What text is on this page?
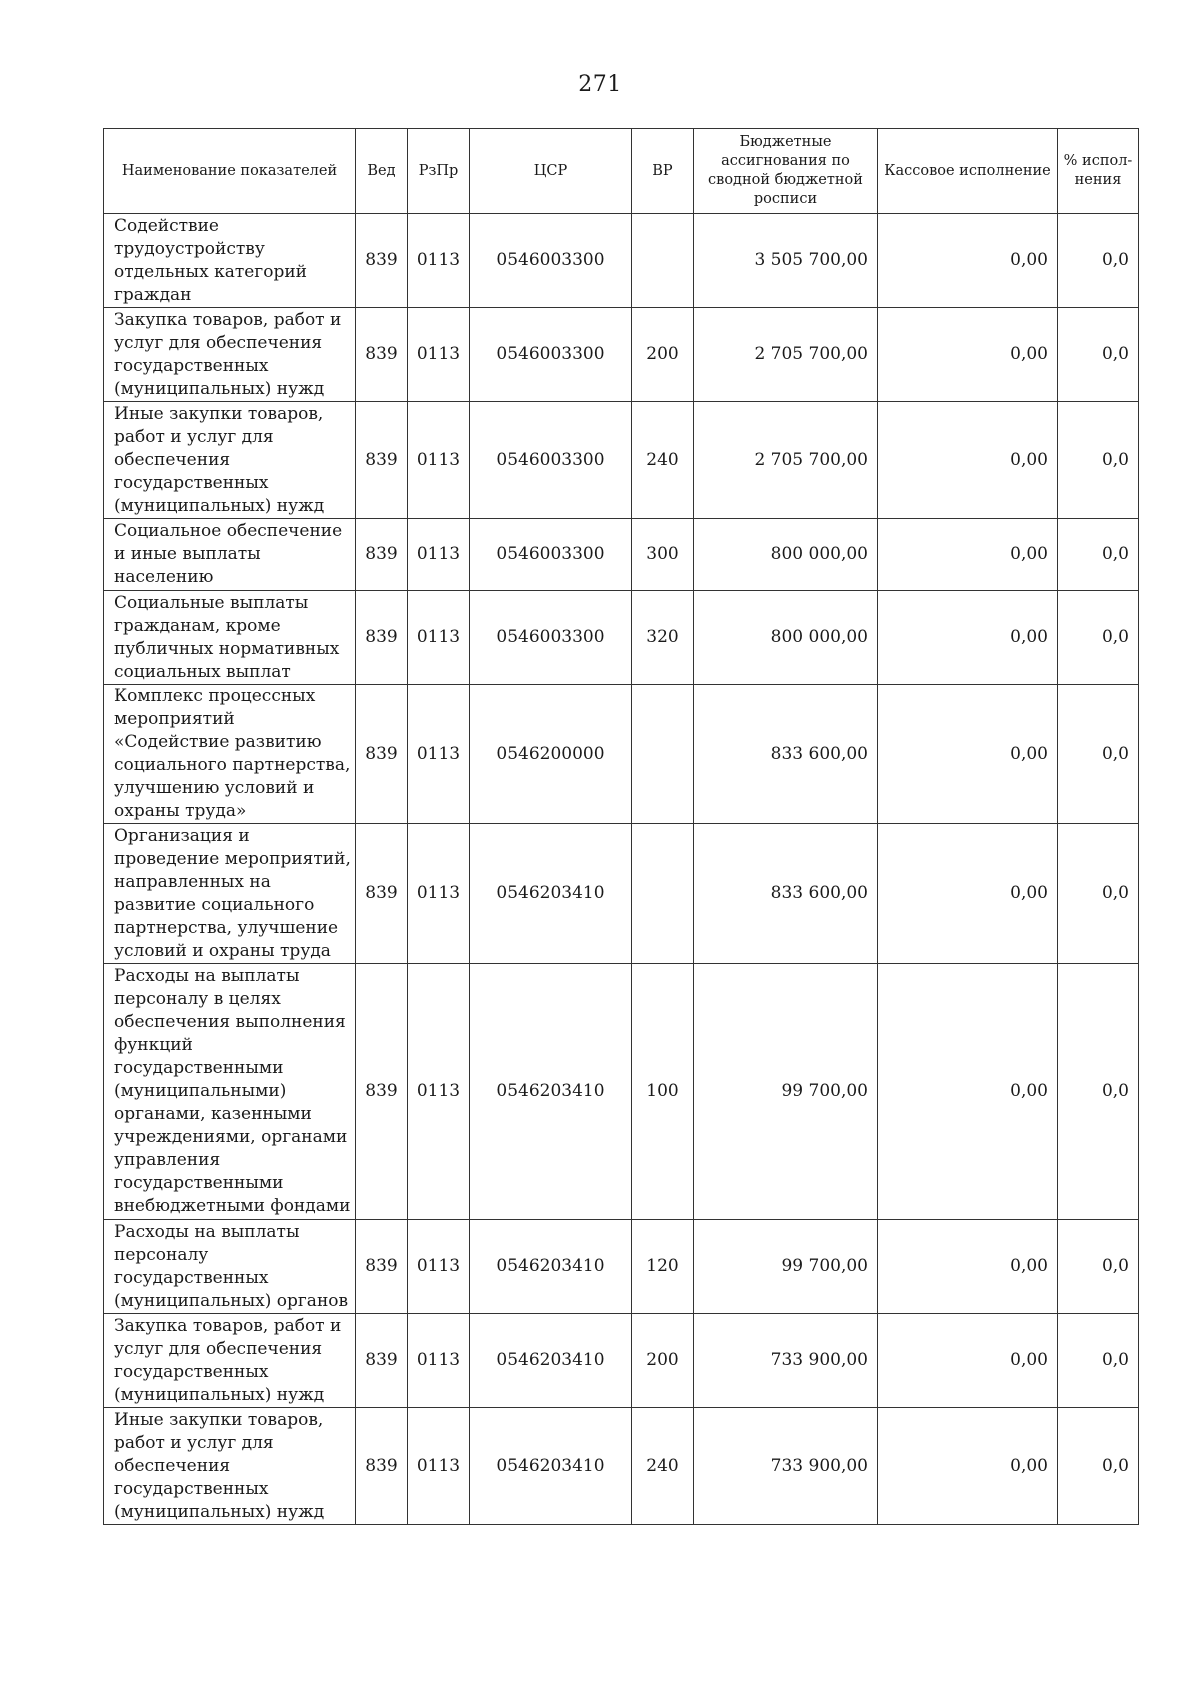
271
Наименование показателей	Вед	РзПр	ЦСР	ВР	Бюджетные ассигнования по сводной бюджетной росписи	Кассовое исполнение	% испол-нения
Содействие трудоустройству отдельных категорий граждан	839	0113	0546003300		3 505 700,00	0,00	0,0
Закупка товаров, работ и услуг для обеспечения государственных (муниципальных) нужд	839	0113	0546003300	200	2 705 700,00	0,00	0,0
Иные закупки товаров, работ и услуг для обеспечения государственных (муниципальных) нужд	839	0113	0546003300	240	2 705 700,00	0,00	0,0
Социальное обеспечение и иные выплаты населению	839	0113	0546003300	300	800 000,00	0,00	0,0
Социальные выплаты гражданам, кроме публичных нормативных социальных выплат	839	0113	0546003300	320	800 000,00	0,00	0,0
Комплекс процессных мероприятий «Содействие развитию социального партнерства, улучшению условий и охраны труда»	839	0113	0546200000		833 600,00	0,00	0,0
Организация и проведение мероприятий, направленных на развитие социального партнерства, улучшение условий и охраны труда	839	0113	0546203410		833 600,00	0,00	0,0
Расходы на выплаты персоналу в целях обеспечения выполнения функций государственными (муниципальными) органами, казенными учреждениями, органами управления государственными внебюджетными фондами	839	0113	0546203410	100	99 700,00	0,00	0,0
Расходы на выплаты персоналу государственных (муниципальных) органов	839	0113	0546203410	120	99 700,00	0,00	0,0
Закупка товаров, работ и услуг для обеспечения государственных (муниципальных) нужд	839	0113	0546203410	200	733 900,00	0,00	0,0
Иные закупки товаров, работ и услуг для обеспечения государственных (муниципальных) нужд	839	0113	0546203410	240	733 900,00	0,00	0,0
